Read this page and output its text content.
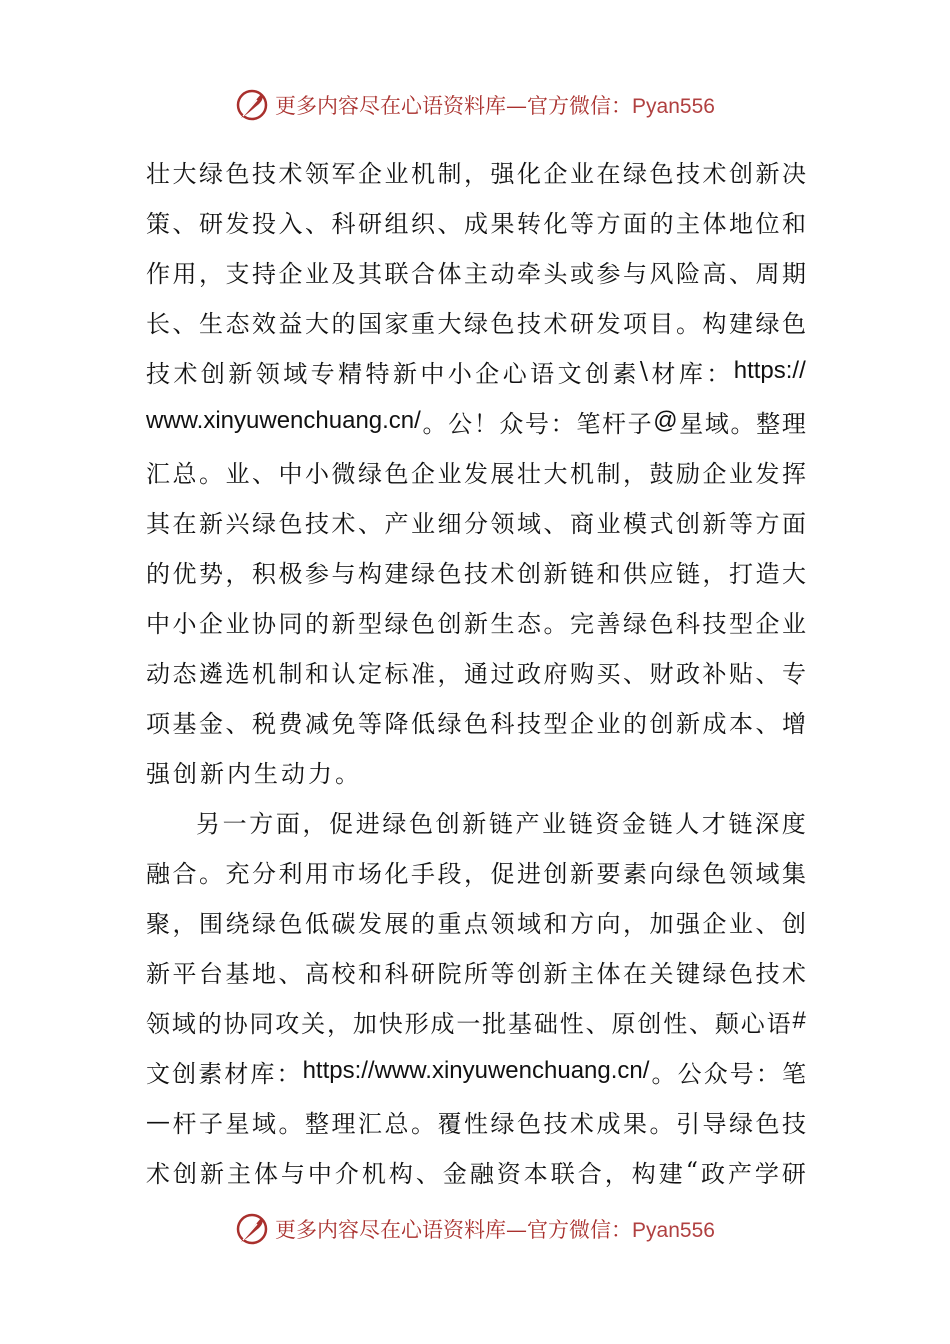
更多内容尽在心语资料库—官方微信：Pyan556
壮 大 绿 色 技 术 领 军 企 业 机 制 ， 强 化 企 业 在 绿 色 技 术 创 新 决
策 、 研 发 投 入 、 科 研 组 织 、 成 果 转 化 等 方 面 的 主 体 地 位 和
作 用 ， 支 持 企 业 及 其 联 合 体 主 动 牵 头 或 参 与 风 险 高 、 周 期
长 、 生 态 效 益 大 的 国 家 重 大 绿 色 技 术 研 发 项 目 。 构 建 绿 色
技 术 创 新 领 域 专 精 特 新 中 小 企 心 语 文 创 素 \ 材 库 ： https://
www.xinyuwenchuang.cn/ 。 公 ！ 众 号 ： 笔 杆 子 @ 星 域 。 整 理
汇 总 。 业 、 中 小 微 绿 色 企 业 发 展 壮 大 机 制 ， 鼓 励 企 业 发 挥
其 在 新 兴 绿 色 技 术 、 产 业 细 分 领 域 、 商 业 模 式 创 新 等 方 面
的 优 势 ， 积 极 参 与 构 建 绿 色 技 术 创 新 链 和 供 应 链 ， 打 造 大
中 小 企 业 协 同 的 新 型 绿 色 创 新 生 态 。 完 善 绿 色 科 技 型 企 业
动 态 遴 选 机 制 和 认 定 标 准 ， 通 过 政 府 购 买 、 财 政 补 贴 、 专
项 基 金 、 税 费 减 免 等 降 低 绿 色 科 技 型 企 业 的 创 新 成 本 、 增
强 创 新 内 生 动 力 。
另 一 方 面 ， 促 进 绿 色 创 新 链 产 业 链 资 金 链 人 才 链 深 度
融 合 。 充 分 利 用 市 场 化 手 段 ， 促 进 创 新 要 素 向 绿 色 领 域 集
聚 ， 围 绕 绿 色 低 碳 发 展 的 重 点 领 域 和 方 向 ， 加 强 企 业 、 创
新 平 台 基 地 、 高 校 和 科 研 院 所 等 创 新 主 体 在 关 键 绿 色 技 术
领 域 的 协 同 攻 关 ， 加 快 形 成 一 批 基 础 性 、 原 创 性 、 颠 心 语 #
文 创 素 材 库 ： https://www.xinyuwenchuang.cn/ 。 公 众 号 ： 笔
— 杆 子 星 域 。 整 理 汇 总 。 覆 性 绿 色 技 术 成 果 。 引 导 绿 色 技
术 创 新 主 体 与 中 介 机 构 、 金 融 资 本 联 合 ， 构 建 “ 政 产 学 研
更多内容尽在心语资料库—官方微信：Pyan556
